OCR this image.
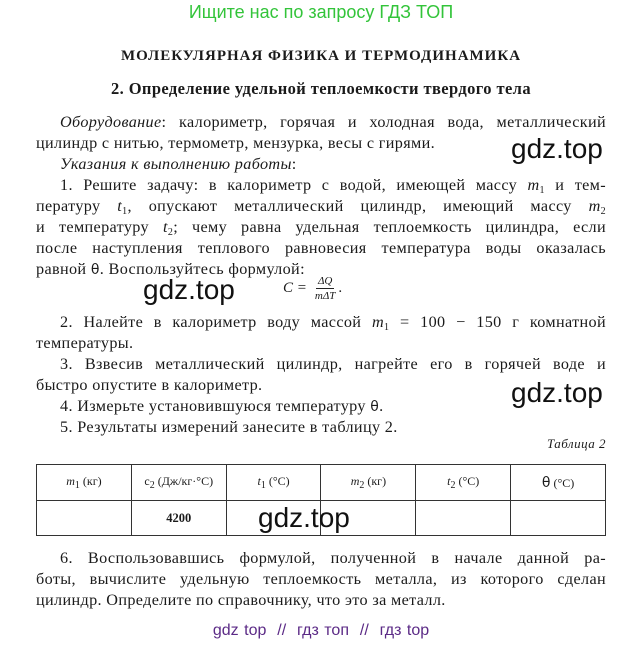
Ищите нас по запросу ГДЗ ТОП
МОЛЕКУЛЯРНАЯ ФИЗИКА И ТЕРМОДИНАМИКА
2. Определение удельной теплоемкости твердого тела
Оборудование: калориметр, горячая и холодная вода, металлический
цилиндр с нитью, термометр, мензурка, весы с гирями.
Указания к выполнению работы:
1. Решите задачу: в калориметр с водой, имеющей массу $m_1$ и тем-
пературу $t_1$, опускают металлический цилиндр, имеющий массу $m_2$
и температуру $t_2$; чему равна удельная теплоемкость цилиндра, если
после наступления теплового равновесия температура воды оказалась
равной θ. Воспользуйтесь формулой:
$C = \frac{\Delta Q}{\text{mΔT}}$ .
2. Налейте в калориметр воду массой $m_1 = 100 - 150$ г комнатной
температуры.
3. Взвесив металлический цилиндр, нагрейте его в горячей воде и
быстро опустите в калориметр.
4. Измерьте установившуюся температуру θ.
5. Результаты измерений занесите в таблицу 2.
Таблица 2
$m_1$ (кг)	$c_2$ (Дж/кг·°С)	$t_1$ (°С)	$m_2$ (кг)	$t_2$ (°С)	θ (°С)
	4200				
6. Воспользовавшись формулой, полученной в начале данной ра-
боты, вычислите удельную теплоемкость металла, из которого сделан
цилиндр. Определите по справочнику, что это за металл.
gdz.top
gdz.top
gdz.top
gdz.top
gdz top  //  гдз топ  //  гдз top
